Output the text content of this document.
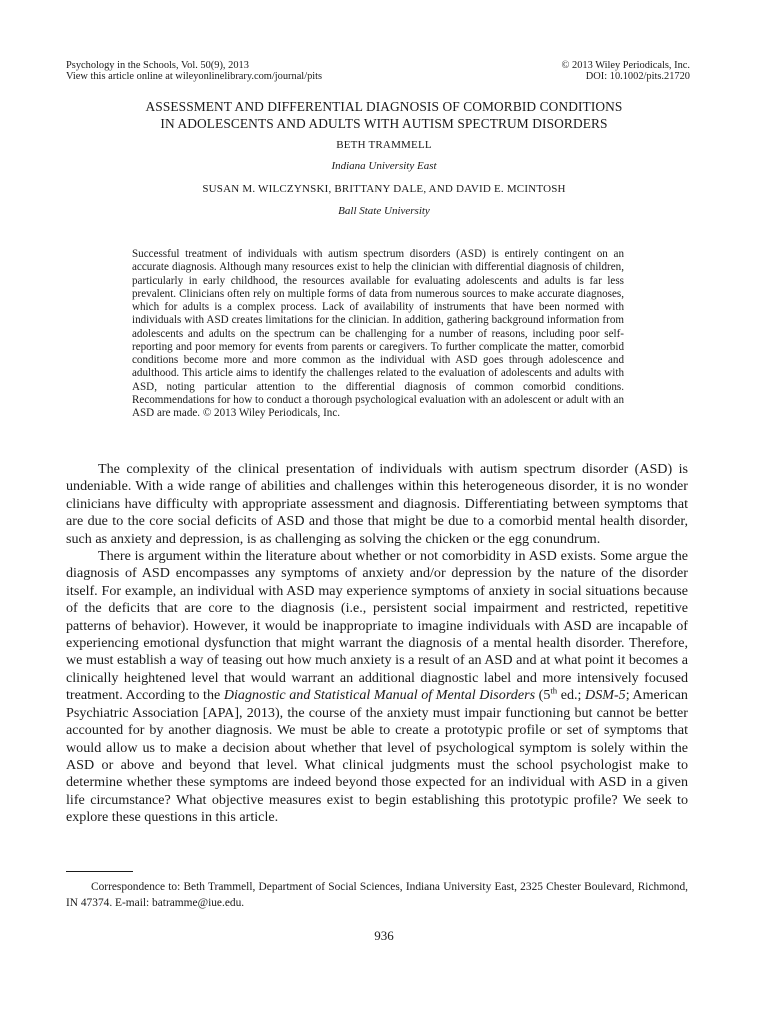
Psychology in the Schools, Vol. 50(9), 2013
View this article online at wileyonlinelibrary.com/journal/pits
© 2013 Wiley Periodicals, Inc.
DOI: 10.1002/pits.21720
ASSESSMENT AND DIFFERENTIAL DIAGNOSIS OF COMORBID CONDITIONS
IN ADOLESCENTS AND ADULTS WITH AUTISM SPECTRUM DISORDERS
BETH TRAMMELL
Indiana University East
SUSAN M. WILCZYNSKI, BRITTANY DALE, AND DAVID E. MCINTOSH
Ball State University
Successful treatment of individuals with autism spectrum disorders (ASD) is entirely contingent on an accurate diagnosis. Although many resources exist to help the clinician with differential diagnosis of children, particularly in early childhood, the resources available for evaluating adolescents and adults is far less prevalent. Clinicians often rely on multiple forms of data from numerous sources to make accurate diagnoses, which for adults is a complex process. Lack of availability of instruments that have been normed with individuals with ASD creates limitations for the clinician. In addition, gathering background information from adolescents and adults on the spectrum can be challenging for a number of reasons, including poor self-reporting and poor memory for events from parents or caregivers. To further complicate the matter, comorbid conditions become more and more common as the individual with ASD goes through adolescence and adulthood. This article aims to identify the challenges related to the evaluation of adolescents and adults with ASD, noting particular attention to the differential diagnosis of common comorbid conditions. Recommendations for how to conduct a thorough psychological evaluation with an adolescent or adult with an ASD are made. © 2013 Wiley Periodicals, Inc.

The complexity of the clinical presentation of individuals with autism spectrum disorder (ASD) is undeniable. With a wide range of abilities and challenges within this heterogeneous disorder, it is no wonder clinicians have difficulty with appropriate assessment and diagnosis. Differentiating between symptoms that are due to the core social deficits of ASD and those that might be due to a comorbid mental health disorder, such as anxiety and depression, is as challenging as solving the chicken or the egg conundrum.

There is argument within the literature about whether or not comorbidity in ASD exists. Some argue the diagnosis of ASD encompasses any symptoms of anxiety and/or depression by the nature of the disorder itself. For example, an individual with ASD may experience symptoms of anxiety in social situations because of the deficits that are core to the diagnosis (i.e., persistent social impairment and restricted, repetitive patterns of behavior). However, it would be inappropriate to imagine individuals with ASD are incapable of experiencing emotional dysfunction that might warrant the diagnosis of a mental health disorder. Therefore, we must establish a way of teasing out how much anxiety is a result of an ASD and at what point it becomes a clinically heightened level that would warrant an additional diagnostic label and more intensively focused treatment. According to the Diagnostic and Statistical Manual of Mental Disorders (5th ed.; DSM-5; American Psychiatric Association [APA], 2013), the course of the anxiety must impair functioning but cannot be better accounted for by another diagnosis. We must be able to create a prototypic profile or set of symptoms that would allow us to make a decision about whether that level of psychological symptom is solely within the ASD or above and beyond that level. What clinical judgments must the school psychologist make to determine whether these symptoms are indeed beyond those expected for an individual with ASD in a given life circumstance? What objective measures exist to begin establishing this prototypic profile? We seek to explore these questions in this article.

Correspondence to: Beth Trammell, Department of Social Sciences, Indiana University East, 2325 Chester Boulevard, Richmond, IN 47374. E-mail: batramme@iue.edu.
936
